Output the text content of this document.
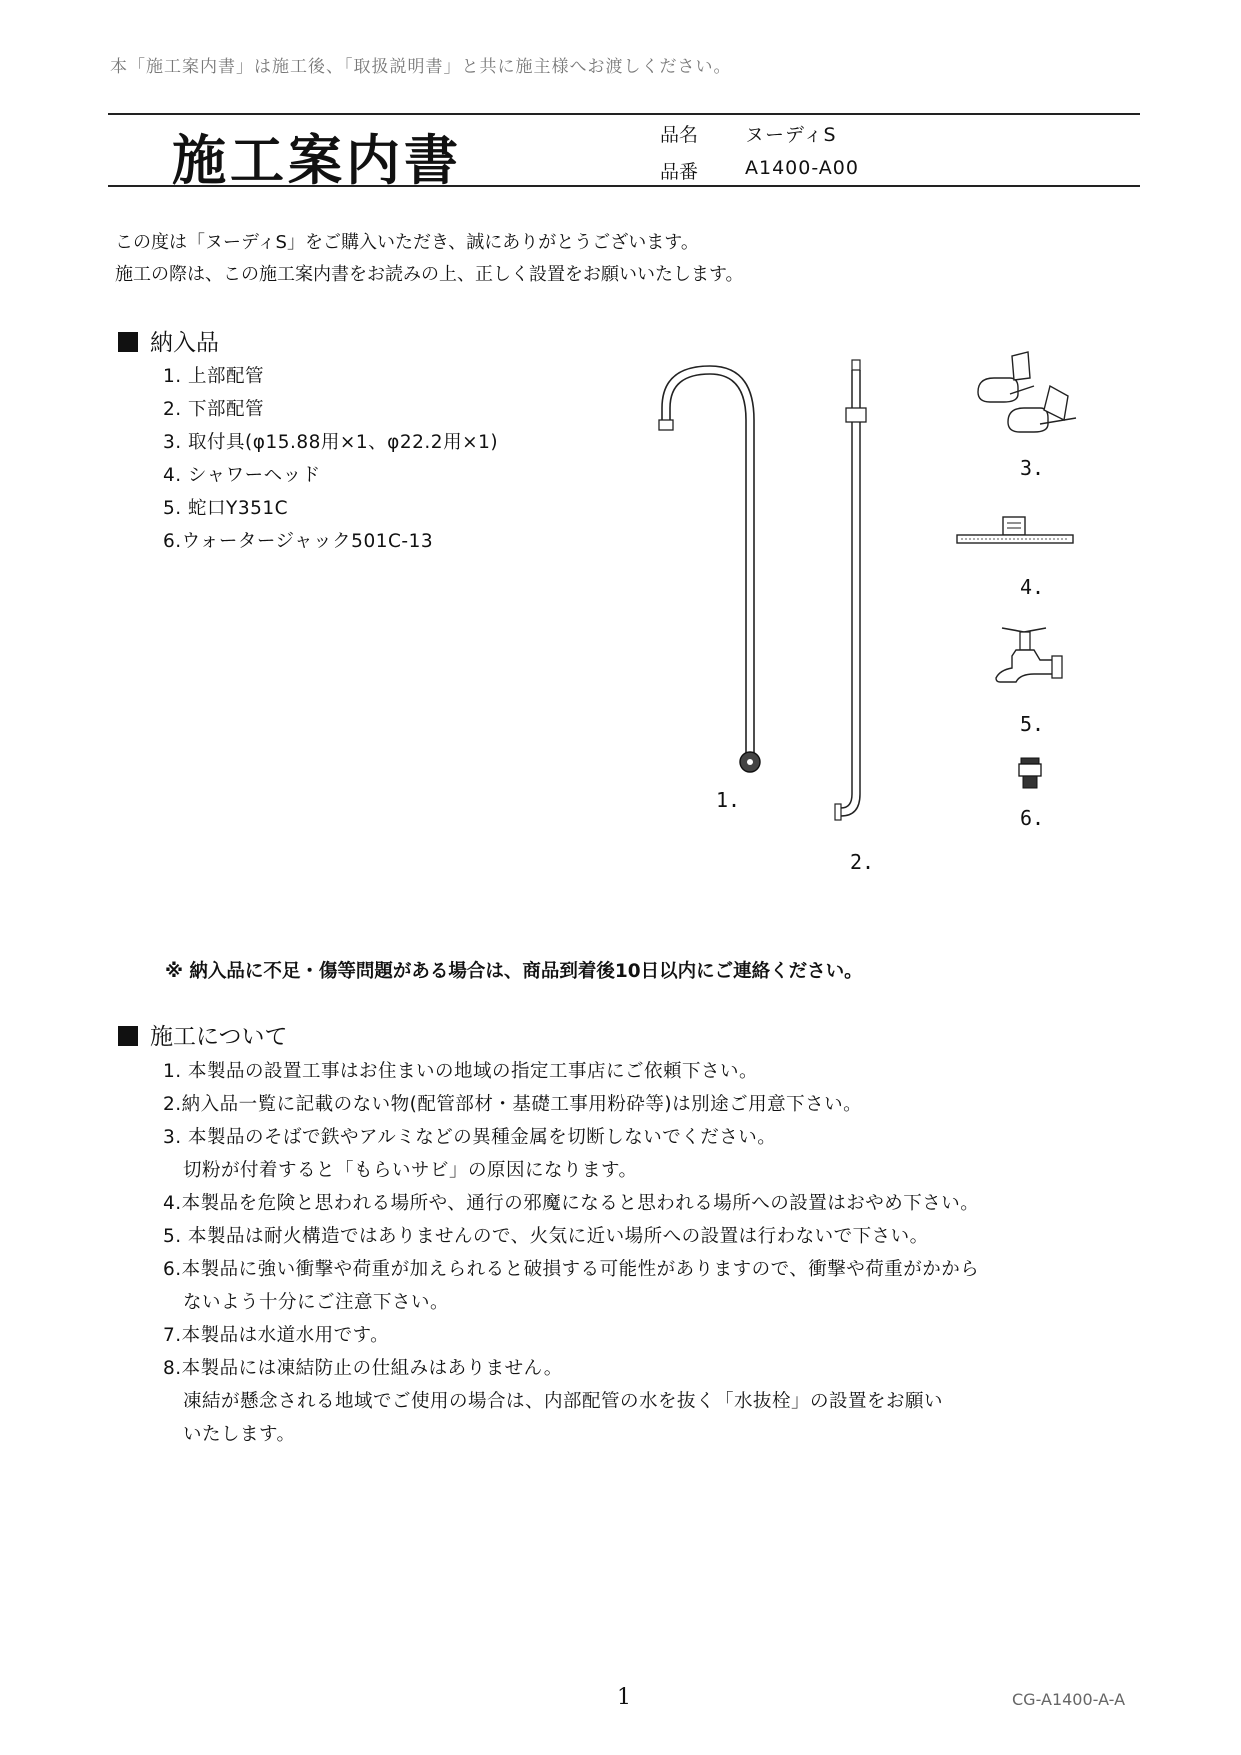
本「施工案内書」は施工後、「取扱説明書」と共に施主様へお渡しください。
施工案内書	品名 ヌーディS
品番 A1400-A00
この度は「ヌーディS」をご購入いただき、誠にありがとうございます。
施工の際は、この施工案内書をお読みの上、正しく設置をお願いいたします。
納入品
1. 上部配管
2. 下部配管
3. 取付具(φ15.88用×1、φ22.2用×1)
4. シャワーヘッド
5. 蛇口Y351C
6.ウォータージャック501C-13
1.
2.
3.
4.
5.
6.
※ 納入品に不足・傷等問題がある場合は、商品到着後10日以内にご連絡ください。
施工について
1. 本製品の設置工事はお住まいの地域の指定工事店にご依頼下さい。
2.納入品一覧に記載のない物(配管部材・基礎工事用粉砕等)は別途ご用意下さい。
3. 本製品のそばで鉄やアルミなどの異種金属を切断しないでください。
切粉が付着すると「もらいサビ」の原因になります。
4.本製品を危険と思われる場所や、通行の邪魔になると思われる場所への設置はおやめ下さい。
5. 本製品は耐火構造ではありませんので、火気に近い場所への設置は行わないで下さい。
6.本製品に強い衝撃や荷重が加えられると破損する可能性がありますので、衝撃や荷重がかから
ないよう十分にご注意下さい。
7.本製品は水道水用です。
8.本製品には凍結防止の仕組みはありません。
凍結が懸念される地域でご使用の場合は、内部配管の水を抜く「水抜栓」の設置をお願い
いたします。
1	CG-A1400-A-A
